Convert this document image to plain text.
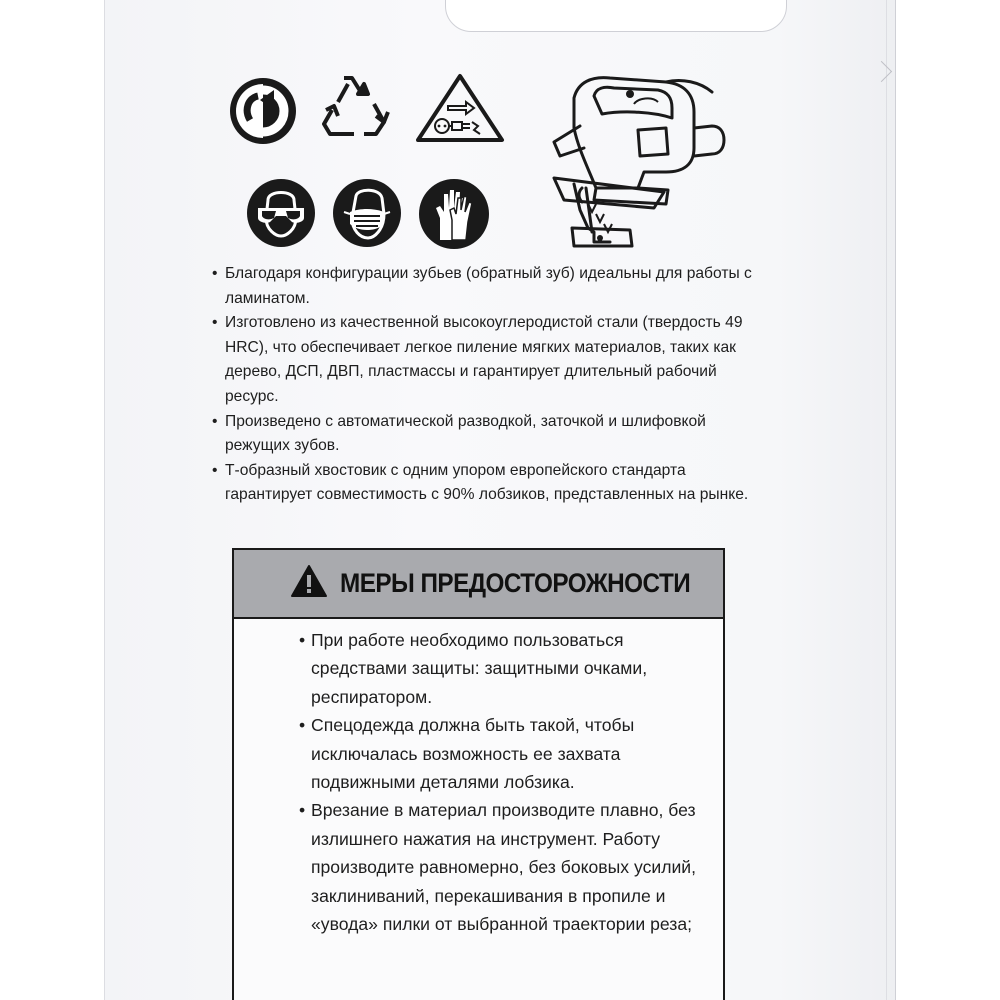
• Благодаря конфигурации зубьев (обратный зуб) идеальны для работы с ламинатом.
• Изготовлено из качественной высокоуглеродистой стали (твердость 49 HRC), что обеспечивает легкое пиление мягких материалов, таких как дерево, ДСП, ДВП, пластмассы и гарантирует длительный рабочий ресурс.
• Произведено с автоматической разводкой, заточкой и шлифовкой режущих зубов.
• Т-образный хвостовик с одним упором европейского стандарта гарантирует совместимость с 90% лобзиков, представленных на рынке.
МЕРЫ ПРЕДОСТОРОЖНОСТИ
• При работе необходимо пользоваться средствами защиты: защитными очками, респиратором.
• Спецодежда должна быть такой, чтобы исключалась возможность ее захвата подвижными деталями лобзика.
• Врезание в материал производите плавно, без излишнего нажатия на инструмент. Работу производите равномерно, без боковых усилий, заклиниваний, перекашивания в пропиле и «увода» пилки от выбранной траектории реза;
